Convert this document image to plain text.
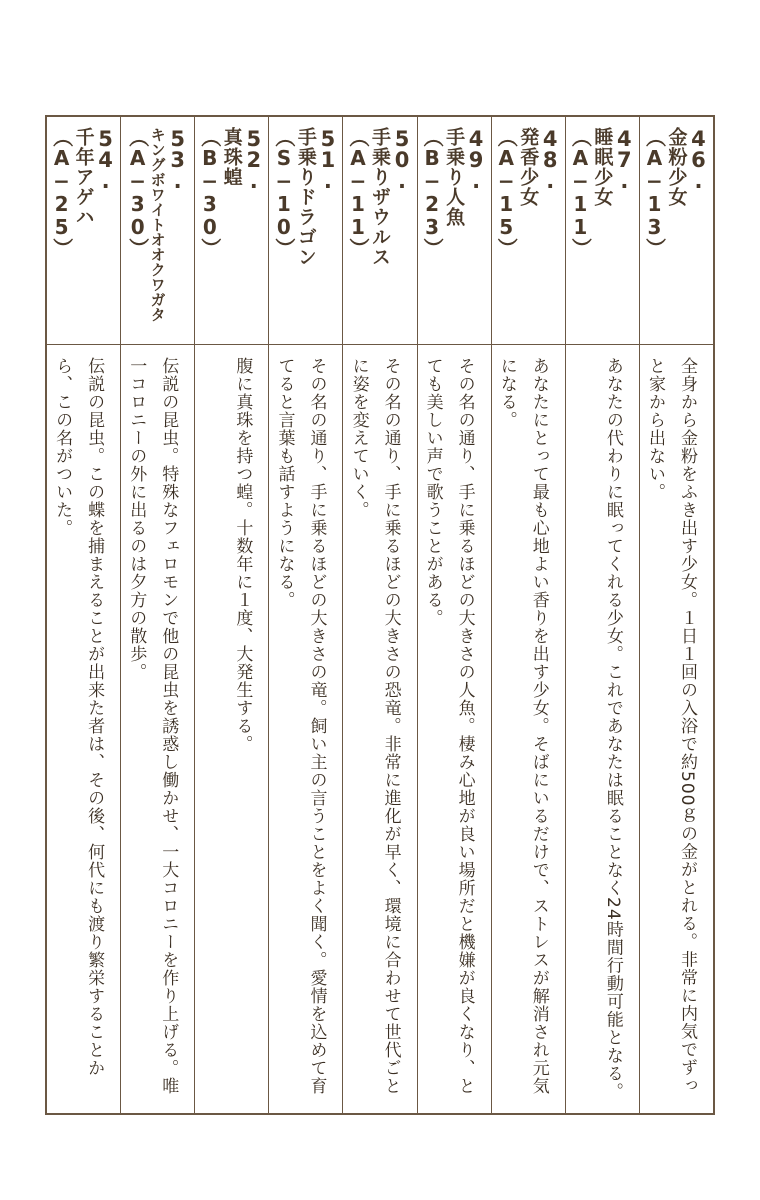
46.
金粉少女
（A−13）
全身から金粉をふき出す少女。１日１回の入浴で約500ｇの金がとれる。非常に内気でずっと家から出ない。
47.
睡眠少女
（A−11）
あなたの代わりに眠ってくれる少女。これであなたは眠ることなく24時間行動可能となる。
48.
発香少女
（A−15）
あなたにとって最も心地よい香りを出す少女。そばにいるだけで、ストレスが解消され元気になる。
49.
手乗り人魚
（B−23）
その名の通り、手に乗るほどの大きさの人魚。棲み心地が良い場所だと機嫌が良くなり、とても美しい声で歌うことがある。
50.
手乗りザウルス
（A−11）
その名の通り、手に乗るほどの大きさの恐竜。非常に進化が早く、環境に合わせて世代ごとに姿を変えていく。
51.
手乗りドラゴン
（S−10）
その名の通り、手に乗るほどの大きさの竜。飼い主の言うことをよく聞く。愛情を込めて育てると言葉も話すようになる。
52.
真珠蝗
（B−30）
腹に真珠を持つ蝗。十数年に１度、大発生する。
53.
キングボワイトオオクワガタ
（A−30）
伝説の昆虫。特殊なフェロモンで他の昆虫を誘惑し働かせ、一大コロニーを作り上げる。唯一コロニーの外に出るのは夕方の散歩。
54.
千年アゲハ
（A−25）
伝説の昆虫。この蝶を捕まえることが出来た者は、その後、何代にも渡り繁栄することから、この名がついた。
